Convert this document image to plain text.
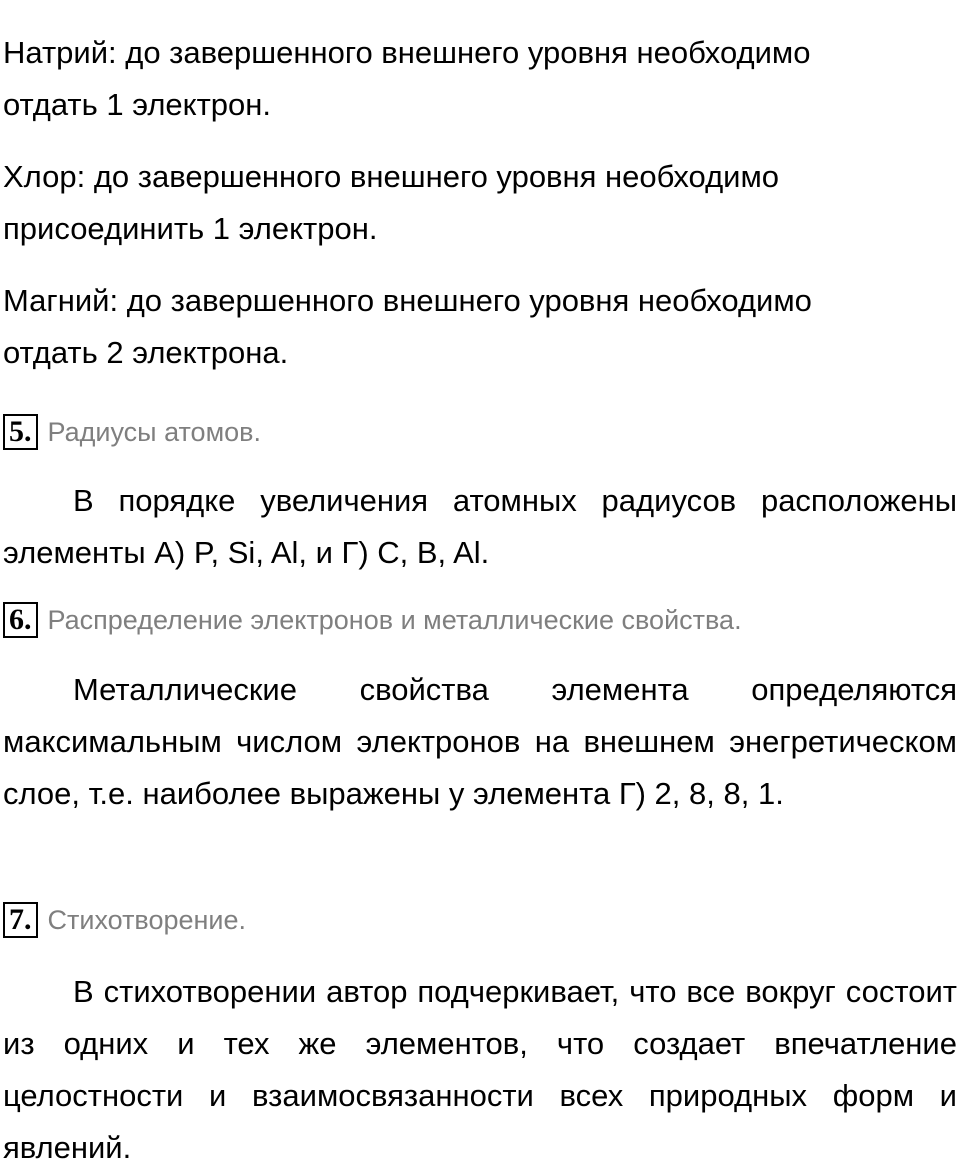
Натрий: до завершенного внешнего уровня необходимо отдать 1 электрон.

Хлор: до завершенного внешнего уровня необходимо присоединить 1 электрон.

Магний: до завершенного внешнего уровня необходимо отдать 2 электрона.

5. Радиусы атомов.

В порядке увеличения атомных радиусов расположены элементы А) P, Si, Al, и Г) C, B, Al.

6. Распределение электронов и металлические свойства.

Металлические свойства элемента определяются максимальным числом электронов на внешнем энегретическом слое, т.е. наиболее выражены у элемента Г) 2, 8, 8, 1.

7. Стихотворение.

В стихотворении автор подчеркивает, что все вокруг состоит из одних и тех же элементов, что создает впечатление целостности и взаимосвязанности всех природных форм и явлений.
